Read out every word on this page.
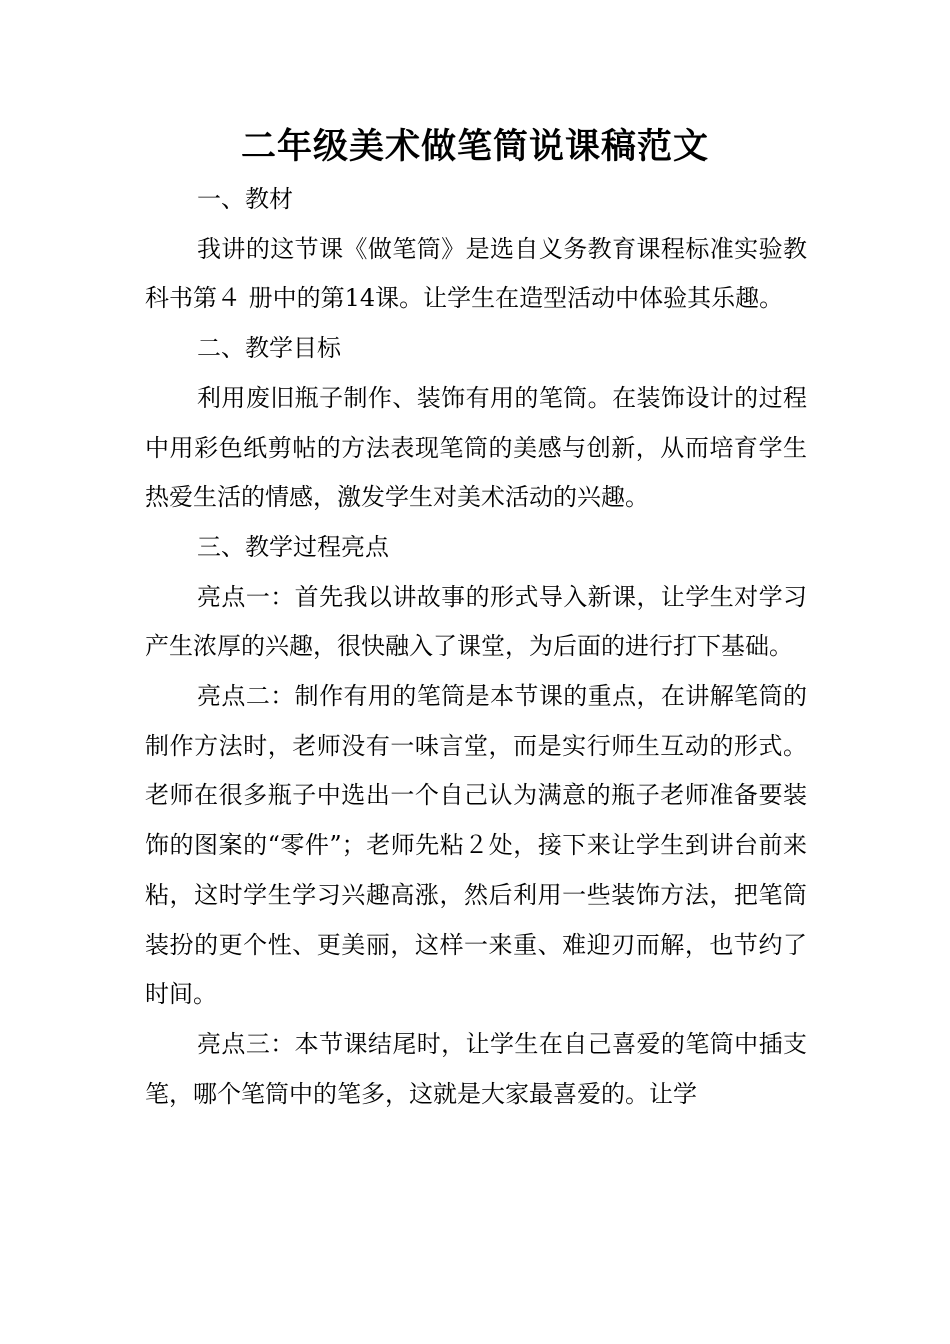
二年级美术做笔筒说课稿范文

一、教材

我讲的这节课《做笔筒》是选自义务教育课程标准实验教科书第４ 册中的第14课。让学生在造型活动中体验其乐趣。

二、教学目标

利用废旧瓶子制作、装饰有用的笔筒。在装饰设计的过程中用彩色纸剪帖的方法表现笔筒的美感与创新，从而培育学生热爱生活的情感，激发学生对美术活动的兴趣。

三、教学过程亮点

亮点一：首先我以讲故事的形式导入新课，让学生对学习产生浓厚的兴趣，很快融入了课堂，为后面的进行打下基础。

亮点二：制作有用的笔筒是本节课的重点，在讲解笔筒的制作方法时，老师没有一味言堂，而是实行师生互动的形式。老师在很多瓶子中选出一个自己认为满意的瓶子老师准备要装饰的图案的“零件”；老师先粘２处，接下来让学生到讲台前来粘，这时学生学习兴趣高涨，然后利用一些装饰方法，把笔筒装扮的更个性、更美丽，这样一来重、难迎刃而解，也节约了时间。

亮点三：本节课结尾时，让学生在自己喜爱的笔筒中插支笔，哪个笔筒中的笔多，这就是大家最喜爱的。让学
